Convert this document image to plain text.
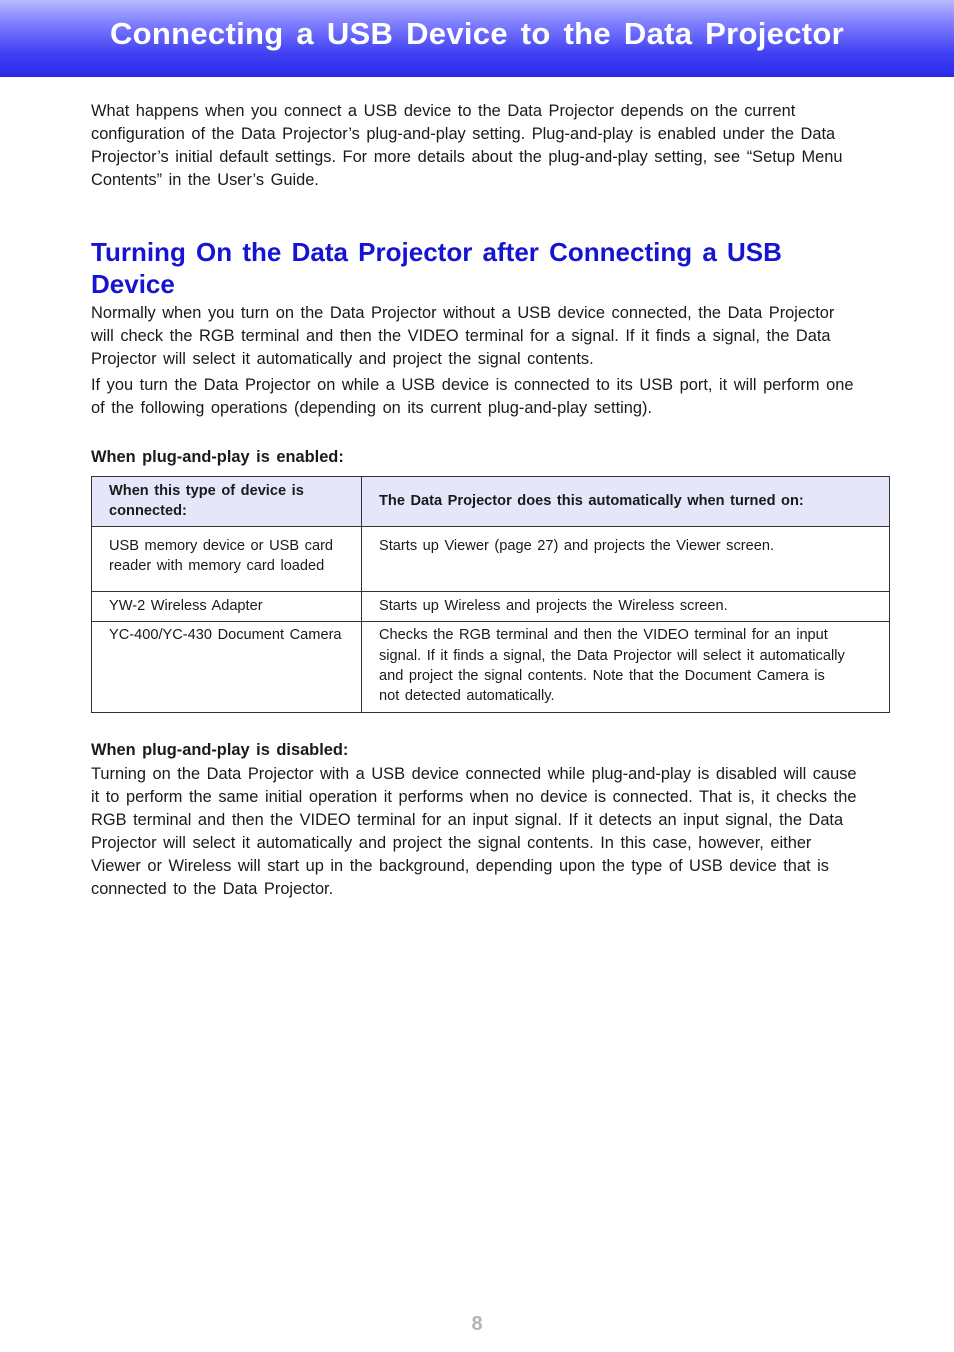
Connecting a USB Device to the Data Projector

What happens when you connect a USB device to the Data Projector depends on the current configuration of the Data Projector’s plug-and-play setting. Plug-and-play is enabled under the Data Projector’s initial default settings. For more details about the plug-and-play setting, see “Setup Menu Contents” in the User’s Guide.

Turning On the Data Projector after Connecting a USB Device

Normally when you turn on the Data Projector without a USB device connected, the Data Projector will check the RGB terminal and then the VIDEO terminal for a signal. If it finds a signal, the Data Projector will select it automatically and project the signal contents.

If you turn the Data Projector on while a USB device is connected to its USB port, it will perform one of the following operations (depending on its current plug-and-play setting).

When plug-and-play is enabled:
When this type of device is connected:	The Data Projector does this automatically when turned on:
USB memory device or USB card reader with memory card loaded	Starts up Viewer (page 27) and projects the Viewer screen.
YW-2 Wireless Adapter	Starts up Wireless and projects the Wireless screen.
YC-400/YC-430 Document Camera	Checks the RGB terminal and then the VIDEO terminal for an input signal. If it finds a signal, the Data Projector will select it automatically and project the signal contents. Note that the Document Camera is not detected automatically.
When plug-and-play is disabled:

Turning on the Data Projector with a USB device connected while plug-and-play is disabled will cause it to perform the same initial operation it performs when no device is connected. That is, it checks the RGB terminal and then the VIDEO terminal for an input signal. If it detects an input signal, the Data Projector will select it automatically and project the signal contents. In this case, however, either Viewer or Wireless will start up in the background, depending upon the type of USB device that is connected to the Data Projector.

8
